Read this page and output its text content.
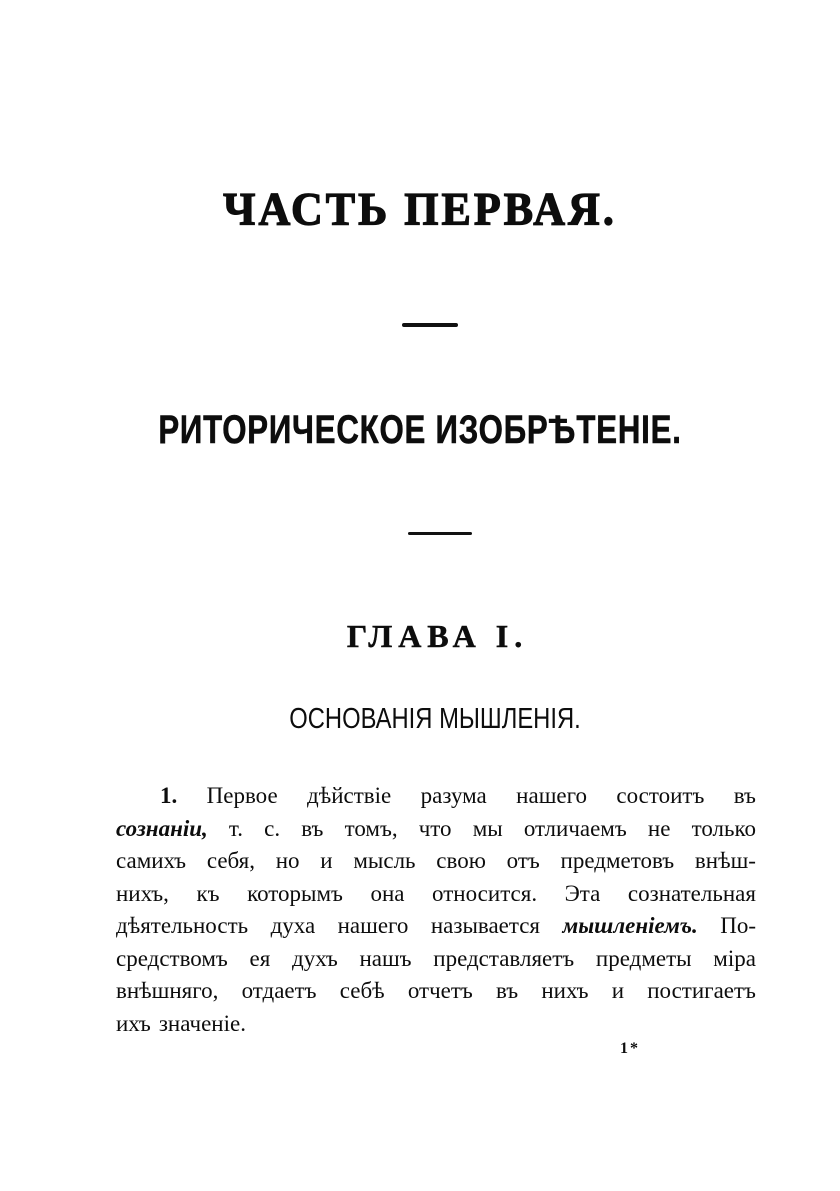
ЧАСТЬ ПЕРВАЯ.
РИТОРИЧЕСКОЕ ИЗОБРѢТЕНІЕ.
ГЛАВА I.
ОСНОВАНІЯ МЫШЛЕНІЯ.
1. Первое дѣйствіе разума нашего состоитъ въ
сознаніи, т. с. въ томъ, что мы отличаемъ не только
самихъ себя, но и мысль свою отъ предметовъ внѣш-
нихъ, къ которымъ она относится. Эта сознательная
дѣятельность духа нашего называется мышленіемъ. По-
средствомъ ея духъ нашъ представляетъ предметы міра
внѣшняго, отдаетъ себѣ отчетъ въ нихъ и постигаетъ
ихъ значеніе.
1*
